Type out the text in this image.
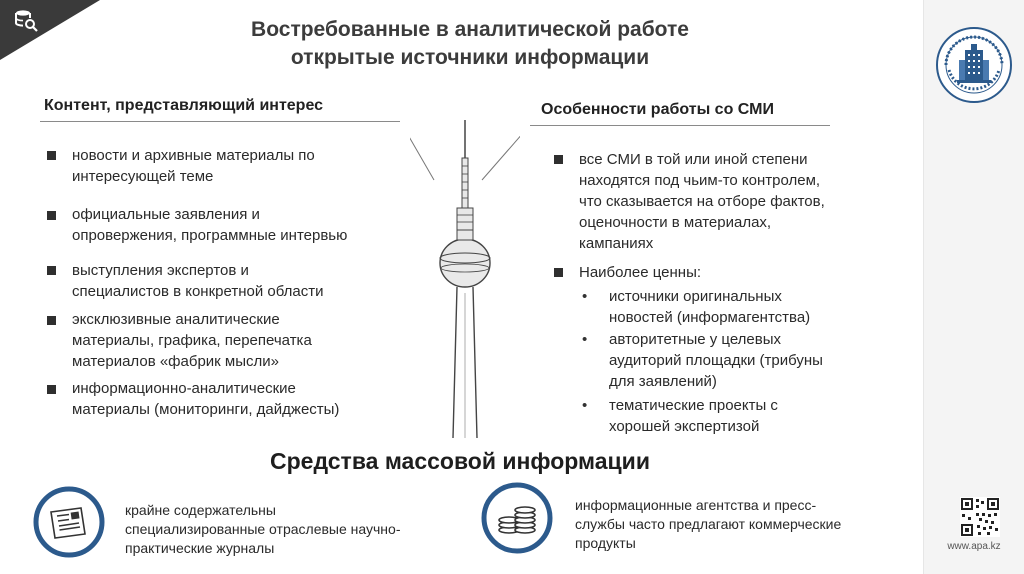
www.apa.kz
Востребованные в аналитической работе
открытые источники информации
Контент, представляющий интерес	Особенности работы со СМИ
новости и архивные материалы по
интересующей теме
официальные заявления и
опровержения, программные интервью
выступления экспертов и
специалистов в конкретной области
эксклюзивные аналитические
материалы, графика, перепечатка
материалов «фабрик мысли»
информационно-аналитические
материалы (мониторинги, дайджесты)
все СМИ в той или иной степени
находятся под чьим-то контролем,
что сказывается на отборе фактов,
оценочности в материалах,
кампаниях
Наиболее ценны:
• источники оригинальных
новостей (информагентства)
• авторитетные у целевых
аудиторий площадки (трибуны
для заявлений)
• тематические проекты с
хорошей экспертизой
Средства массовой информации
крайне содержательны
специализированные отраслевые научно-
практические журналы
информационные агентства и пресс-
службы часто предлагают коммерческие
продукты
